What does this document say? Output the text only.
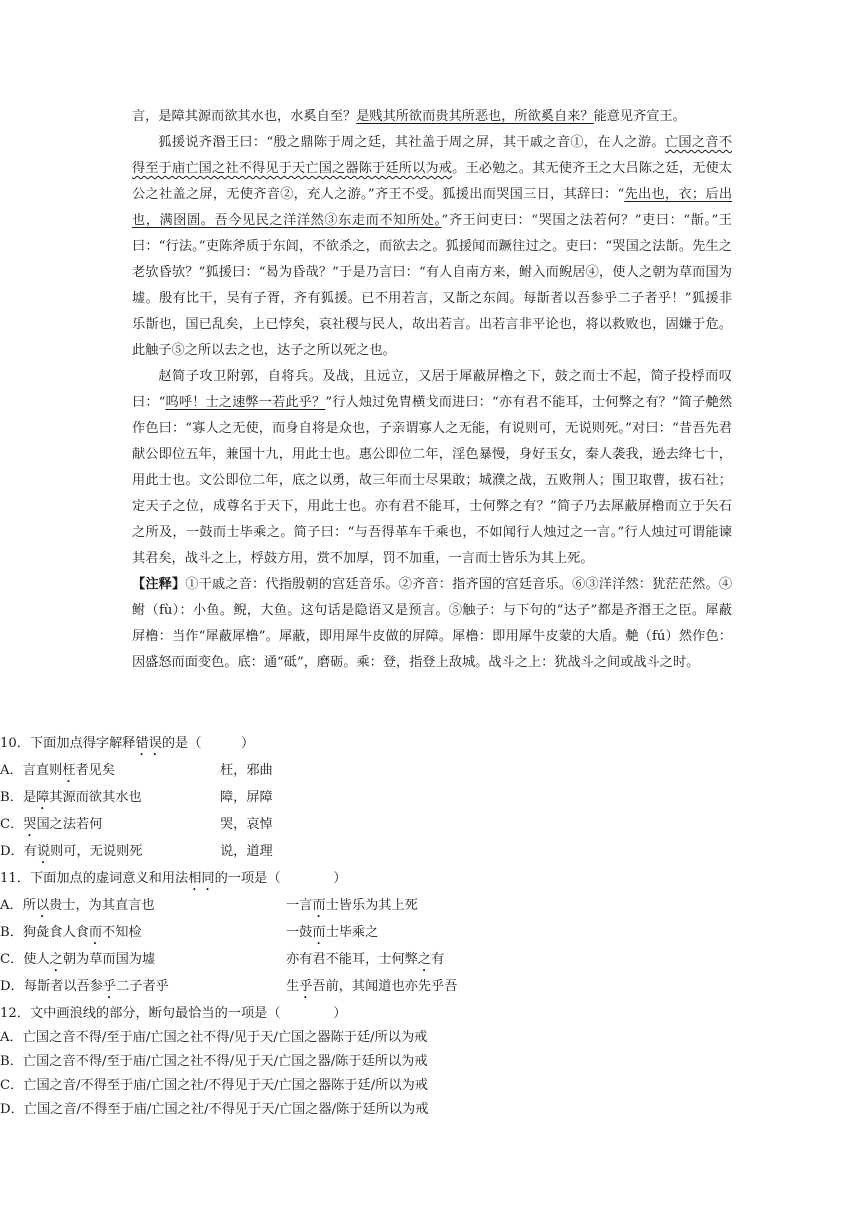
言，是障其源而欲其水也，水奚自至？是贱其所欲而贵其所恶也，所欲奚自来？能意见齐宣王。

狐援说齐湣王曰：“殷之鼎陈于周之廷，其社盖于周之屏，其干戚之音①，在人之游。亡国之音不得至于庙亡国之社不得见于天亡国之器陈于廷所以为戒。王必勉之。其无使齐王之大吕陈之廷，无使太公之社盖之屏，无使齐音②，充人之游。”齐王不受。狐援出而哭国三日，其辞曰：“先出也，衣；后出也，满囹圄。吾今见民之洋洋然③东走而不知所处。”齐王问吏曰：“哭国之法若何？”吏曰：“斮。”王曰：“行法。”吏陈斧质于东闾，不欲杀之，而欲去之。狐援闻而蹶往过之。吏曰：“哭国之法斮。先生之老欤昏欤？”狐援曰：“曷为昏哉？”于是乃言曰：“有人自南方来，鲋入而鲵居④，使人之朝为草而国为墟。殷有比干，吴有子胥，齐有狐援。已不用若言，又斮之东闾。每斮者以吾参乎二子者乎！”狐援非乐斮也，国已乱矣，上已悖矣，哀社稷与民人，故出若言。出若言非平论也，将以救败也，固嫌于危。此触子⑤之所以去之也，达子之所以死之也。

赵简子攻卫附郭，自将兵。及战，且远立，又居于犀蔽屏橹之下，鼓之而士不起，简子投桴而叹曰：“呜呼！士之速弊一若此乎？”行人烛过免胄横戈而进曰：“亦有君不能耳，士何弊之有？”简子艴然作色曰：“寡人之无使，而身自将是众也，子亲谓寡人之无能，有说则可，无说则死。”对曰：“昔吾先君献公即位五年，兼国十九，用此士也。惠公即位二年，淫色暴慢，身好玉女，秦人袭我，逊去绛七十，用此士也。文公即位二年，底之以勇，故三年而士尽果敢；城濮之战，五败荆人；围卫取曹，拔石社；定天子之位，成尊名于天下，用此士也。亦有君不能耳，士何弊之有？”简子乃去犀蔽屏橹而立于矢石之所及，一鼓而士毕乘之。简子曰：“与吾得革车千乘也，不如闻行人烛过之一言。”行人烛过可谓能谏其君矣，战斗之上，桴鼓方用，赏不加厚，罚不加重，一言而士皆乐为其上死。

【注释】①干戚之音：代指殷朝的宫廷音乐。②齐音：指齐国的宫廷音乐。⑥③洋洋然：犹茫茫然。④鲋（fù）：小鱼。鲵，大鱼。这句话是隐语又是预言。⑤触子：与下句的“达子”都是齐湣王之臣。犀蔽屏橹：当作“犀蔽犀橹”。犀蔽，即用犀牛皮做的屏障。犀橹：即用犀牛皮蒙的大盾。艴（fú）然作色：因盛怒而面变色。底：通“砥”，磨砺。乘：登，指登上敌城。战斗之上：犹战斗之间或战斗之时。

10．下面加点得字解释错误的是（　　　）
A．言直则枉者见矣	枉，邪曲
B．是障其源而欲其水也	障，屏障
C．哭国之法若何	哭，哀悼
D．有说则可，无说则死	说，道理
11．下面加点的虚词意义和用法相同的一项是（　　　　）
A．所以贵士，为其直言也	一言而士皆乐为其上死
B．狗彘食人食而不知检	一鼓而士毕乘之
C．使人之朝为草而国为墟	亦有君不能耳，士何弊之有
D．每斮者以吾参乎二子者乎	生乎吾前，其闻道也亦先乎吾
12．文中画浪线的部分，断句最恰当的一项是（　　　　）
A．亡国之音不得/至于庙/亡国之社不得/见于天/亡国之器陈于廷/所以为戒
B．亡国之音不得/至于庙/亡国之社不得/见于天/亡国之器/陈于廷所以为戒
C．亡国之音/不得至于庙/亡国之社/不得见于天/亡国之器陈于廷/所以为戒
D．亡国之音/不得至于庙/亡国之社/不得见于天/亡国之器/陈于廷所以为戒
